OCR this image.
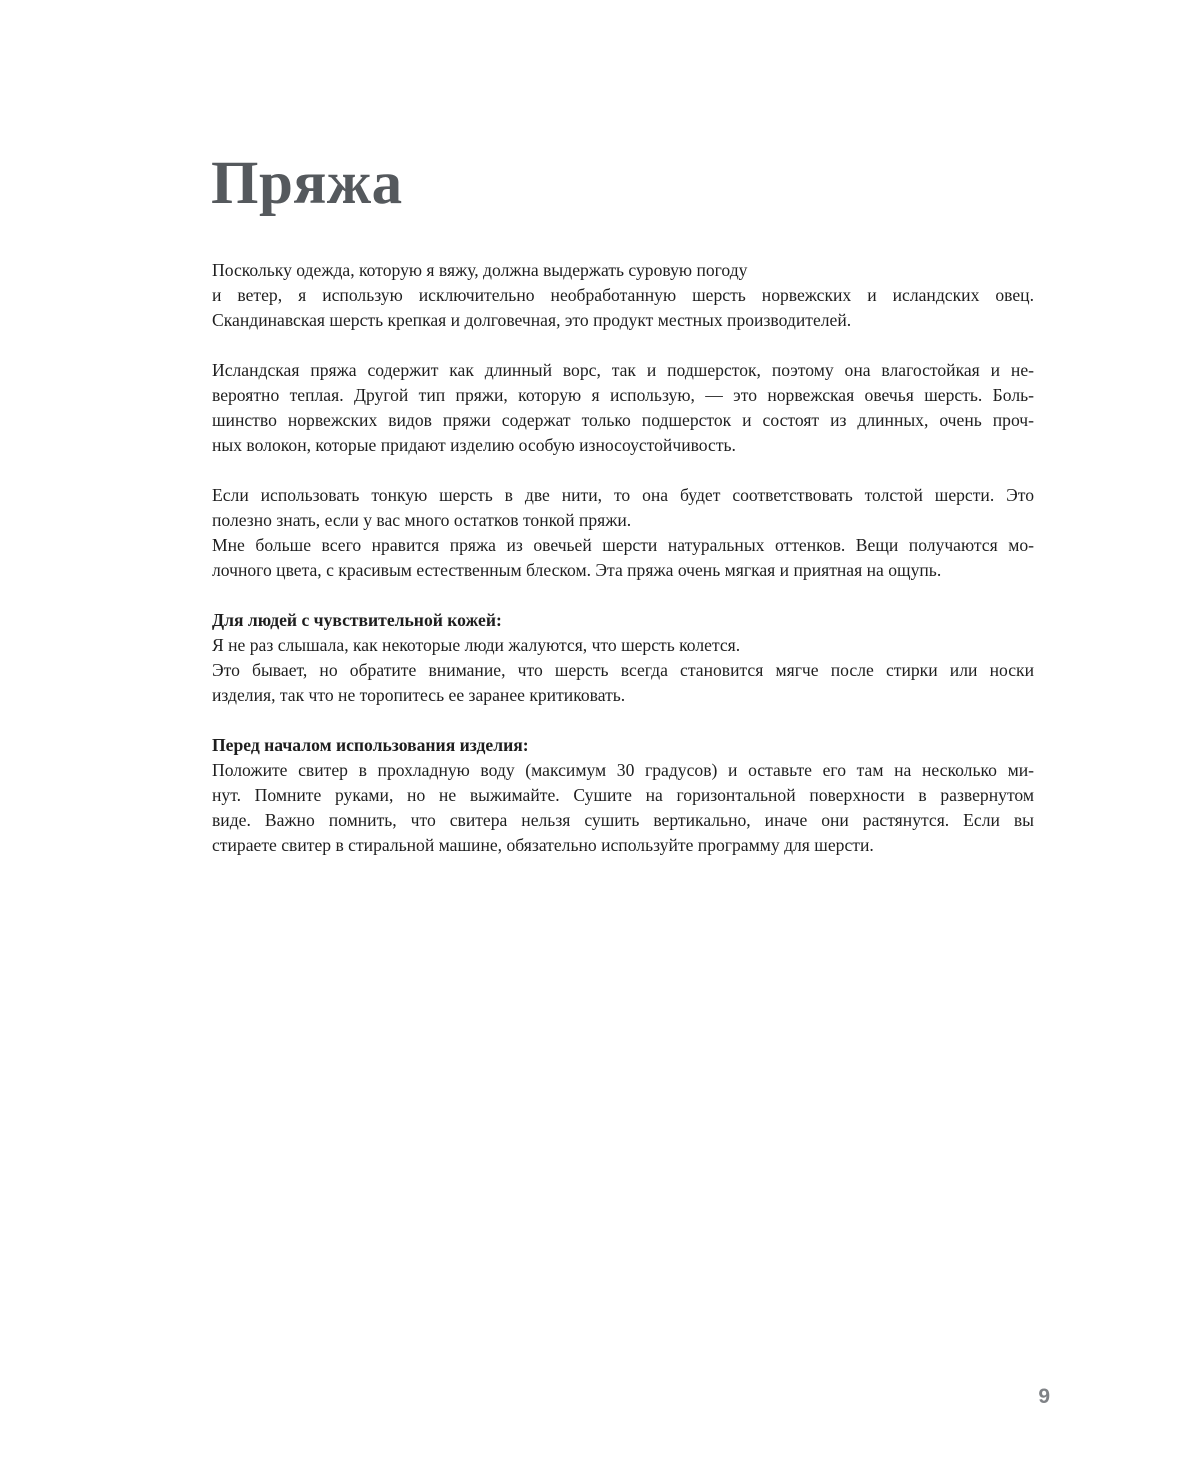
Пряжа

Поскольку одежда, которую я вяжу, должна выдержать суровую погоду
и ветер, я использую исключительно необработанную шерсть норвежских и исландских овец.
Скандинавская шерсть крепкая и долговечная, это продукт местных производителей.

Исландская пряжа содержит как длинный ворс, так и подшерсток, поэтому она влагостойкая и не-
вероятно теплая. Другой тип пряжи, которую я использую, — это норвежская овечья шерсть. Боль-
шинство норвежских видов пряжи содержат только подшерсток и состоят из длинных, очень проч-
ных волокон, которые придают изделию особую износоустойчивость.

Если использовать тонкую шерсть в две нити, то она будет соответствовать толстой шерсти. Это
полезно знать, если у вас много остатков тонкой пряжи.
Мне больше всего нравится пряжа из овечьей шерсти натуральных оттенков. Вещи получаются мо-
лочного цвета, с красивым естественным блеском. Эта пряжа очень мягкая и приятная на ощупь.

Для людей с чувствительной кожей:
Я не раз слышала, как некоторые люди жалуются, что шерсть колется.
Это бывает, но обратите внимание, что шерсть всегда становится мягче после стирки или носки
изделия, так что не торопитесь ее заранее критиковать.

Перед началом использования изделия:
Положите свитер в прохладную воду (максимум 30 градусов) и оставьте его там на несколько ми-
нут. Помните руками, но не выжимайте. Сушите на горизонтальной поверхности в развернутом
виде. Важно помнить, что свитера нельзя сушить вертикально, иначе они растянутся. Если вы
стираете свитер в стиральной машине, обязательно используйте программу для шерсти.

9
